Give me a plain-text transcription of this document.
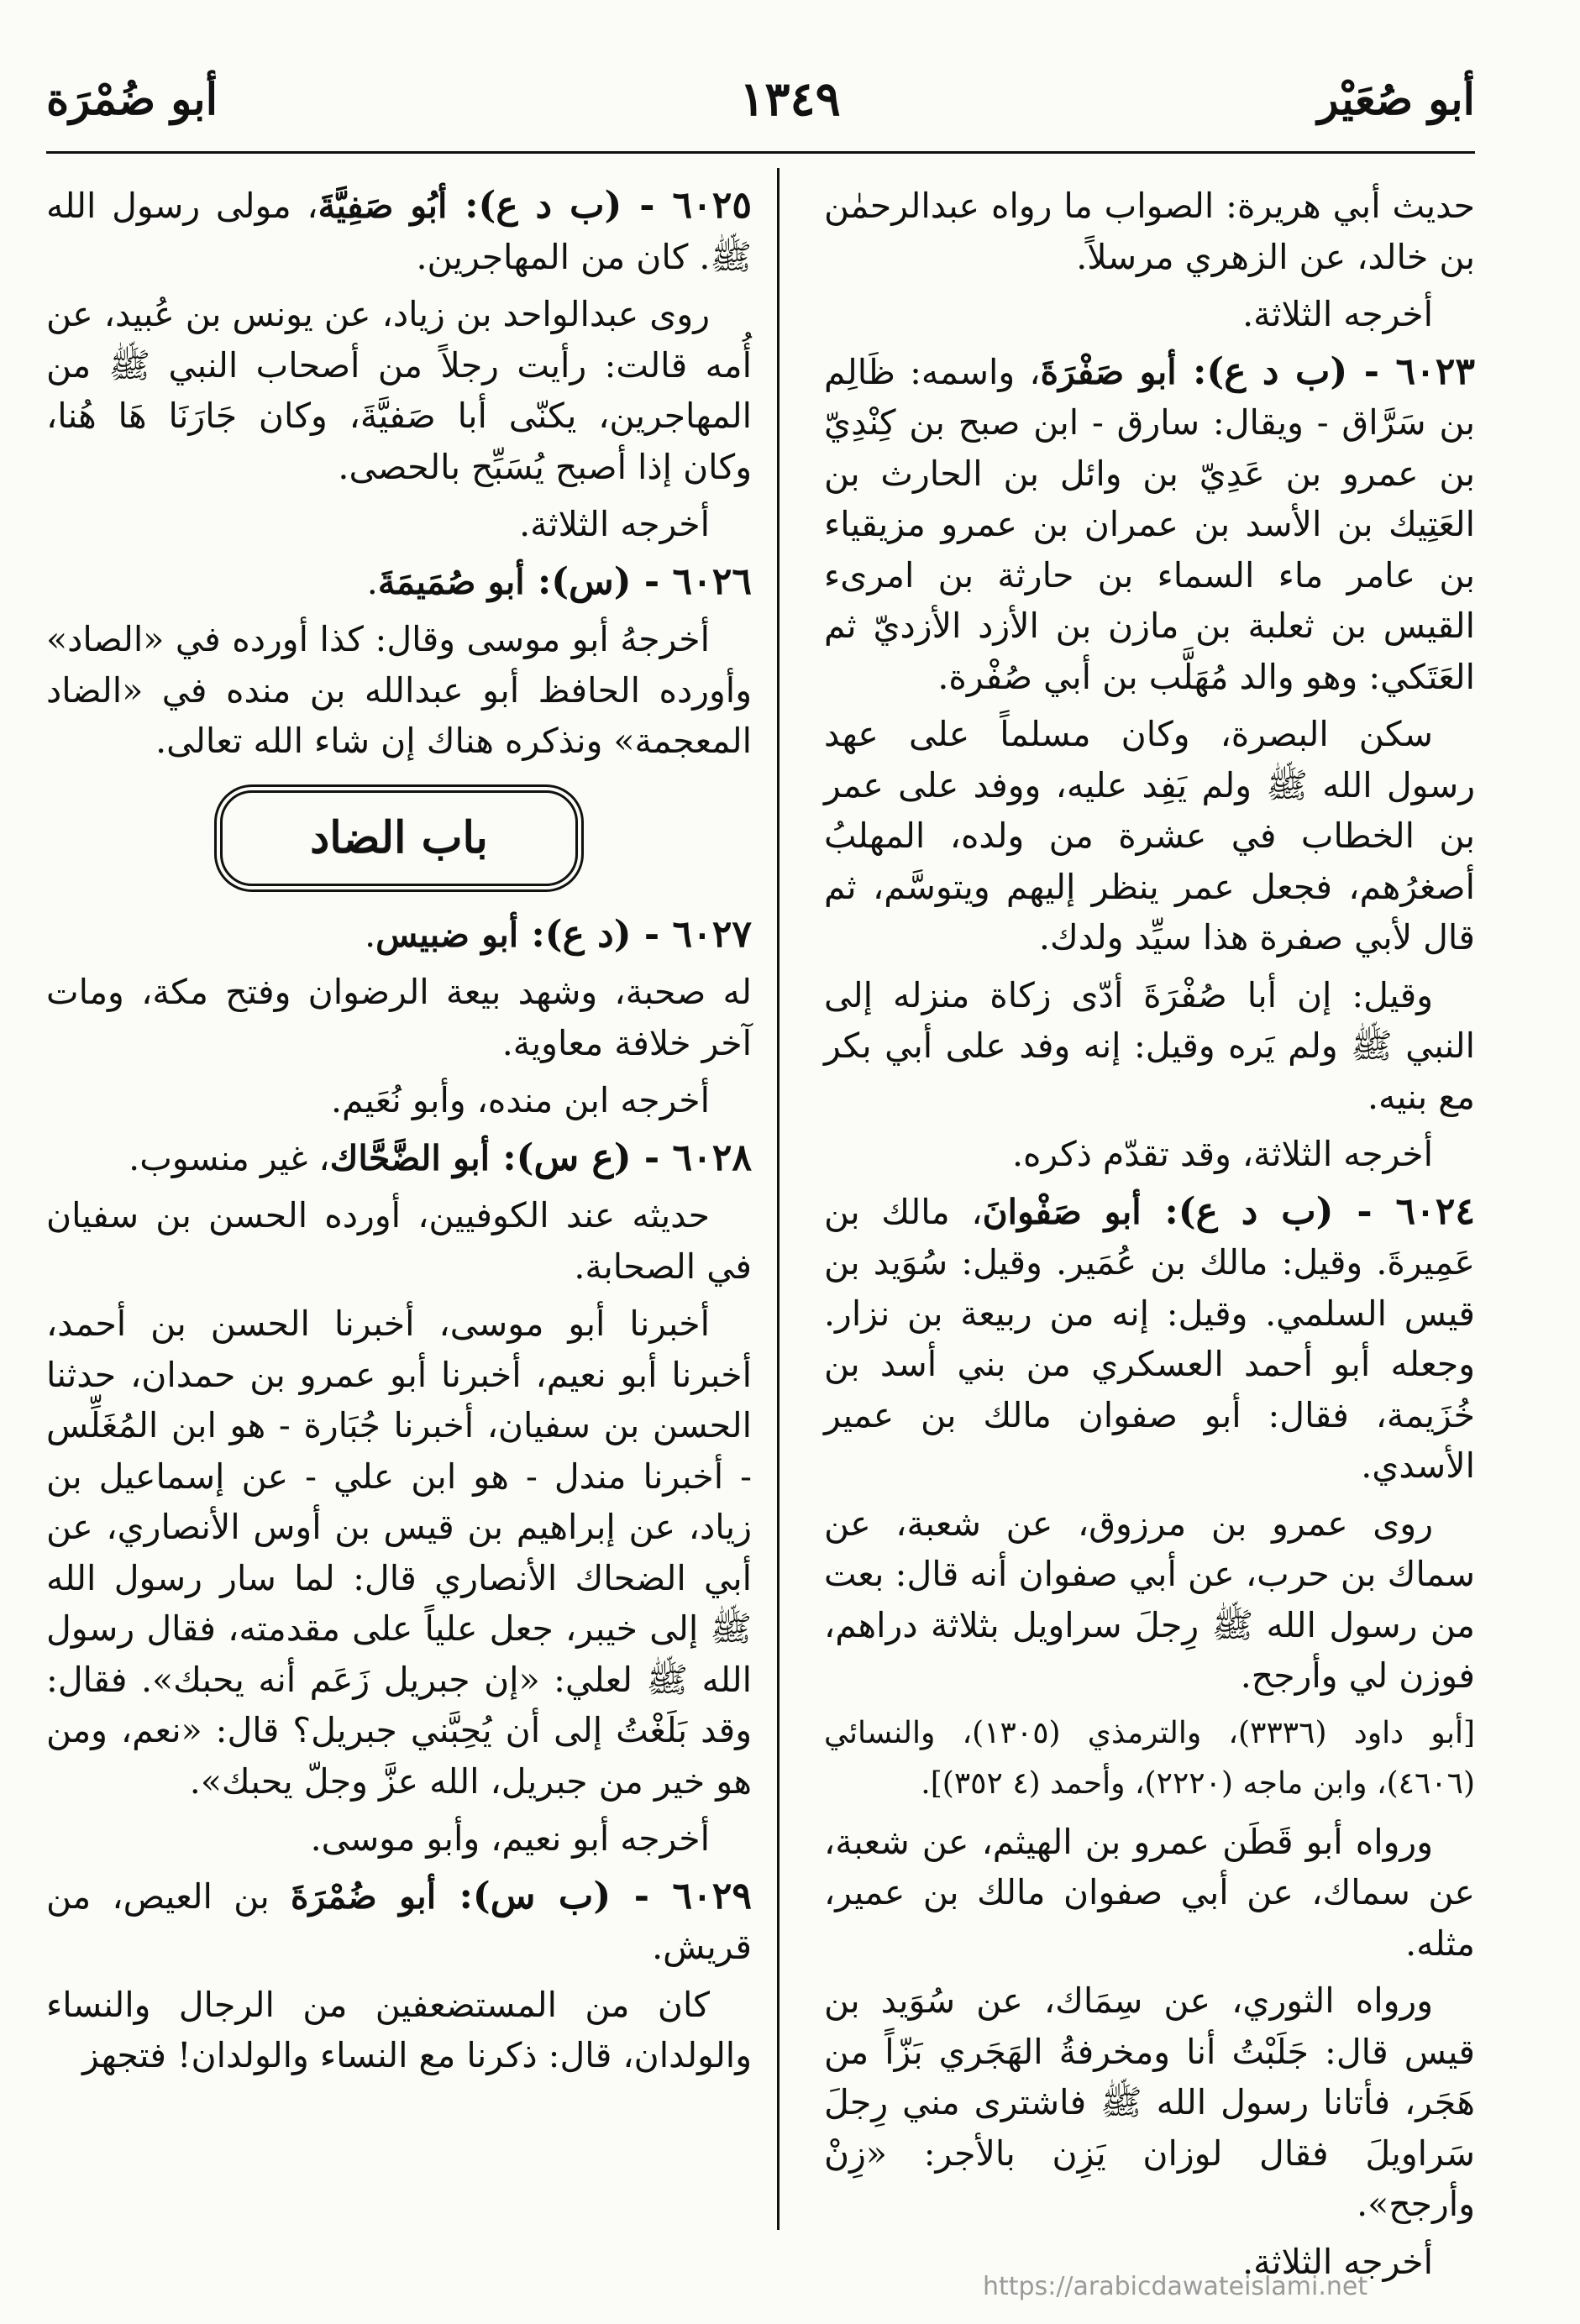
أبو صُعَيْر
١٣٤٩
أبو ضُمْرَة

حديث أبي هريرة: الصواب ما رواه عبدالرحمٰن بن خالد، عن الزهري مرسلاً.

أخرجه الثلاثة.

٦٠٢٣ - (ب د ع): أبو صَفْرَةَ، واسمه: ظَالِم بن سَرَّاق - ويقال: سارق - ابن صبح بن كِنْدِيّ بن عمرو بن عَدِيّ بن وائل بن الحارث بن العَتِيك بن الأسد بن عمران بن عمرو مزيقياء بن عامر ماء السماء بن حارثة بن امرىء القيس بن ثعلبة بن مازن بن الأزد الأزديّ ثم العَتَكي: وهو والد مُهَلَّب بن أبي صُفْرة.

سكن البصرة، وكان مسلماً على عهد رسول الله ﷺ ولم يَفِد عليه، ووفد على عمر بن الخطاب في عشرة من ولده، المهلبُ أصغرُهم، فجعل عمر ينظر إليهم ويتوسَّم، ثم قال لأبي صفرة هذا سيِّد ولدك.

وقيل: إن أبا صُفْرَةَ أدّى زكاة منزله إلى النبي ﷺ ولم يَره وقيل: إنه وفد على أبي بكر مع بنيه.

أخرجه الثلاثة، وقد تقدّم ذكره.

٦٠٢٤ - (ب د ع): أبو صَفْوانَ، مالك بن عَمِيرةَ. وقيل: مالك بن عُمَير. وقيل: سُوَيد بن قيس السلمي. وقيل: إنه من ربيعة بن نزار. وجعله أبو أحمد العسكري من بني أسد بن خُزَيمة، فقال: أبو صفوان مالك بن عمير الأسدي.

روى عمرو بن مرزوق، عن شعبة، عن سماك بن حرب، عن أبي صفوان أنه قال: بعت من رسول الله ﷺ رِجلَ سراويل بثلاثة دراهم، فوزن لي وأرجح.

[أبو داود (٣٣٣٦)، والترمذي (١٣٠٥)، والنسائي (٤٦٠٦)، وابن ماجه (٢٢٢٠)، وأحمد (٤ ٣٥٢)].

ورواه أبو قَطَن عمرو بن الهيثم، عن شعبة، عن سماك، عن أبي صفوان مالك بن عمير، مثله.

ورواه الثوري، عن سِمَاك، عن سُوَيد بن قيس قال: جَلَبْتُ أنا ومخرفةُ الهَجَري بَزّاً من هَجَر، فأتانا رسول الله ﷺ فاشترى مني رِجلَ سَراويلَ فقال لوزان يَزِن بالأجر: «زِنْ وأرجح».

أخرجه الثلاثة.

٦٠٢٥ - (ب د ع): أبُو صَفِيَّةَ، مولى رسول الله ﷺ. كان من المهاجرين.

روى عبدالواحد بن زياد، عن يونس بن عُبيد، عن أُمه قالت: رأيت رجلاً من أصحاب النبي ﷺ من المهاجرين، يكنّى أبا صَفيَّةَ، وكان جَارَنَا هَا هُنا، وكان إذا أصبح يُسَبِّح بالحصى.

أخرجه الثلاثة.

٦٠٢٦ - (س): أبو صُمَيمَةَ.

أخرجهُ أبو موسى وقال: كذا أورده في «الصاد» وأورده الحافظ أبو عبدالله بن منده في «الضاد المعجمة» ونذكره هناك إن شاء الله تعالى.

باب الضاد

٦٠٢٧ - (د ع): أبو ضبيس.

له صحبة، وشهد بيعة الرضوان وفتح مكة، ومات آخر خلافة معاوية.

أخرجه ابن منده، وأبو نُعَيم.

٦٠٢٨ - (ع س): أبو الضَّحَّاك، غير منسوب.

حديثه عند الكوفيين، أورده الحسن بن سفيان في الصحابة.

أخبرنا أبو موسى، أخبرنا الحسن بن أحمد، أخبرنا أبو نعيم، أخبرنا أبو عمرو بن حمدان، حدثنا الحسن بن سفيان، أخبرنا جُبَارة - هو ابن المُغَلِّس - أخبرنا مندل - هو ابن علي - عن إسماعيل بن زياد، عن إبراهيم بن قيس بن أوس الأنصاري، عن أبي الضحاك الأنصاري قال: لما سار رسول الله ﷺ إلى خيبر، جعل علياً على مقدمته، فقال رسول الله ﷺ لعلي: «إن جبريل زَعَم أنه يحبك». فقال: وقد بَلَغْتُ إلى أن يُحِبَّني جبريل؟ قال: «نعم، ومن هو خير من جبريل، الله عزَّ وجلّ يحبك».

أخرجه أبو نعيم، وأبو موسى.

٦٠٢٩ - (ب س): أبو ضُمْرَةَ بن العيص، من قريش.

كان من المستضعفين من الرجال والنساء والولدان، قال: ذكرنا مع النساء والولدان! فتجهز

https://arabicdawateislami.net
